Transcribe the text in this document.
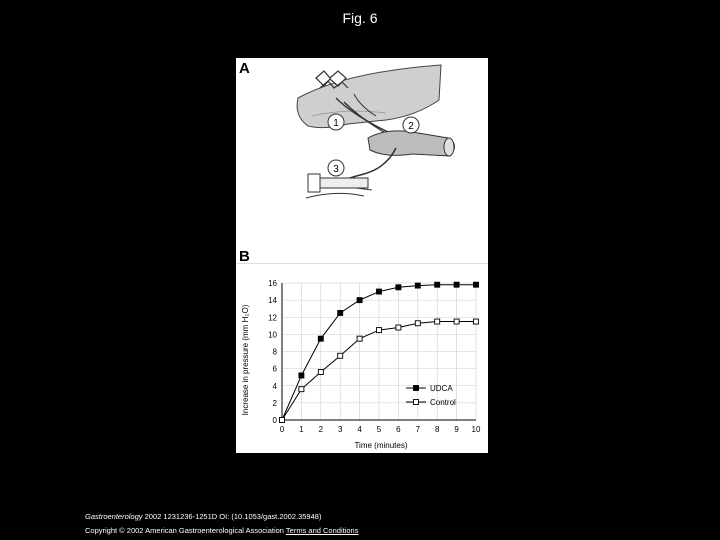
Fig. 6
A
1	2
3
B
0
2
4
6
8
10
12
14
16
0 1 2 3 4 5 6 7 8 9 10
UDCA
Control
Increase in pressure (mm H₂O)
Time (minutes)
Gastroenterology 2002 1231236-1251D OI: (10.1053/gast.2002.35948)
Copyright © 2002 American Gastroenterological Association Terms and Conditions
